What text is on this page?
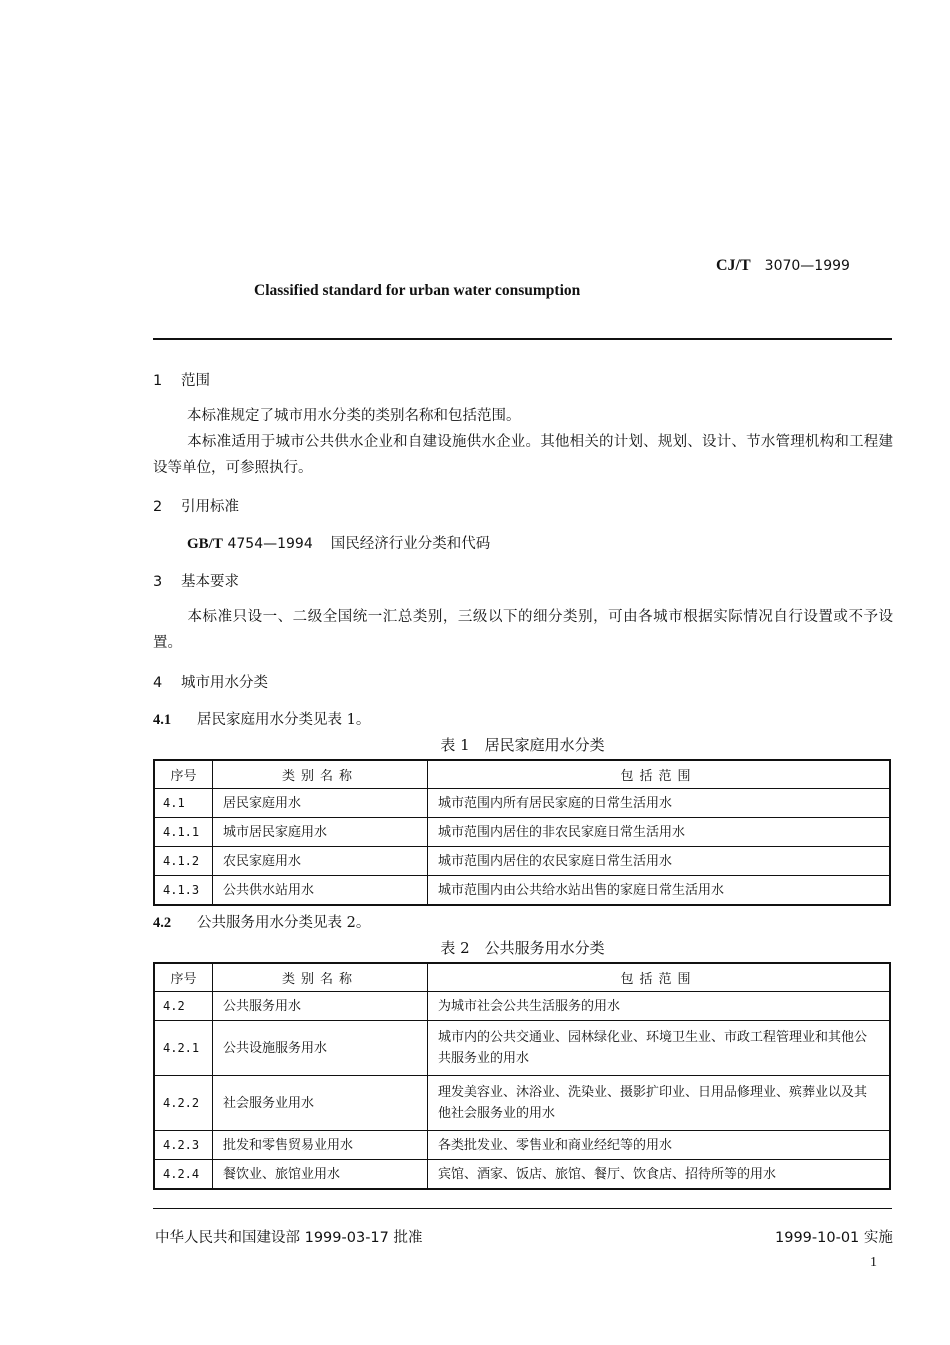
CJ/T 3070—1999
Classified standard for urban water consumption
1 范围
本标准规定了城市用水分类的类别名称和包括范围。
本标准适用于城市公共供水企业和自建设施供水企业。其他相关的计划、规划、设计、节水管理机构和工程建设等单位，可参照执行。
2 引用标准
GB/T 4754—1994 国民经济行业分类和代码
3 基本要求
本标准只设一、二级全国统一汇总类别，三级以下的细分类别，可由各城市根据实际情况自行设置或不予设置。
4 城市用水分类
4.1 居民家庭用水分类见表 1。
表 1　居民家庭用水分类
序号	类别名称	包括范围
4.1	居民家庭用水	城市范围内所有居民家庭的日常生活用水
4.1.1	城市居民家庭用水	城市范围内居住的非农民家庭日常生活用水
4.1.2	农民家庭用水	城市范围内居住的农民家庭日常生活用水
4.1.3	公共供水站用水	城市范围内由公共给水站出售的家庭日常生活用水
4.2 公共服务用水分类见表 2。
表 2　公共服务用水分类
序号	类别名称	包括范围
4.2	公共服务用水	为城市社会公共生活服务的用水
4.2.1	公共设施服务用水	城市内的公共交通业、园林绿化业、环境卫生业、市政工程管理业和其他公共服务业的用水
4.2.2	社会服务业用水	理发美容业、沐浴业、洗染业、摄影扩印业、日用品修理业、殡葬业以及其他社会服务业的用水
4.2.3	批发和零售贸易业用水	各类批发业、零售业和商业经纪等的用水
4.2.4	餐饮业、旅馆业用水	宾馆、酒家、饭店、旅馆、餐厅、饮食店、招待所等的用水
中华人民共和国建设部 1999-03-17 批准	1999-10-01 实施
1
